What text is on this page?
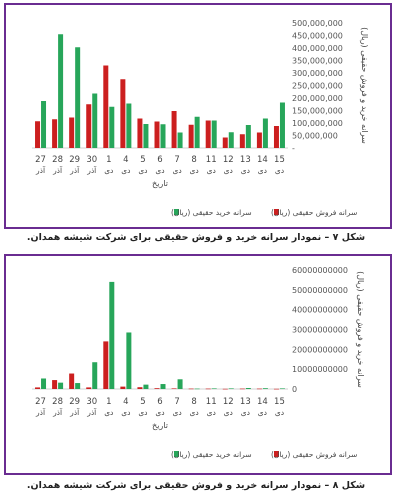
500,000,000
450,000,000
400,000,000
350,000,000
300,000,000
250,000,000
200,000,000
150,000,000
100,000,000
50,000,000
-
27
آذر
28
آذر
29
آذر
30
آذر
1
دی
4
دی
5
دی
6
دی
7
دی
8
دی
11
دی
12
دی
13
دی
14
دی
15
دی
تاریخ
سرانه خرید و فروش حقیقی (ریال)
سرانه خرید حقیقی (ریال)	سرانه فروش حقیقی (ریال)
شکل ۷ – نمودار سرانه خرید و فروش حقیقی برای شرکت شیشه همدان.
60000000000
50000000000
40000000000
30000000000
20000000000
10000000000
0
27
آذر
28
آذر
29
آذر
30
آذر
1
دی
4
دی
5
دی
6
دی
7
دی
8
دی
11
دی
12
دی
13
دی
14
دی
15
دی
تاریخ
سرانه خرید و فروش حقیقی (ریال)
سرانه خرید حقیقی (ریال)	سرانه فروش حقیقی (ریال)
شکل ۸ – نمودار سرانه خرید و فروش حقیقی برای شرکت شیشه همدان.
